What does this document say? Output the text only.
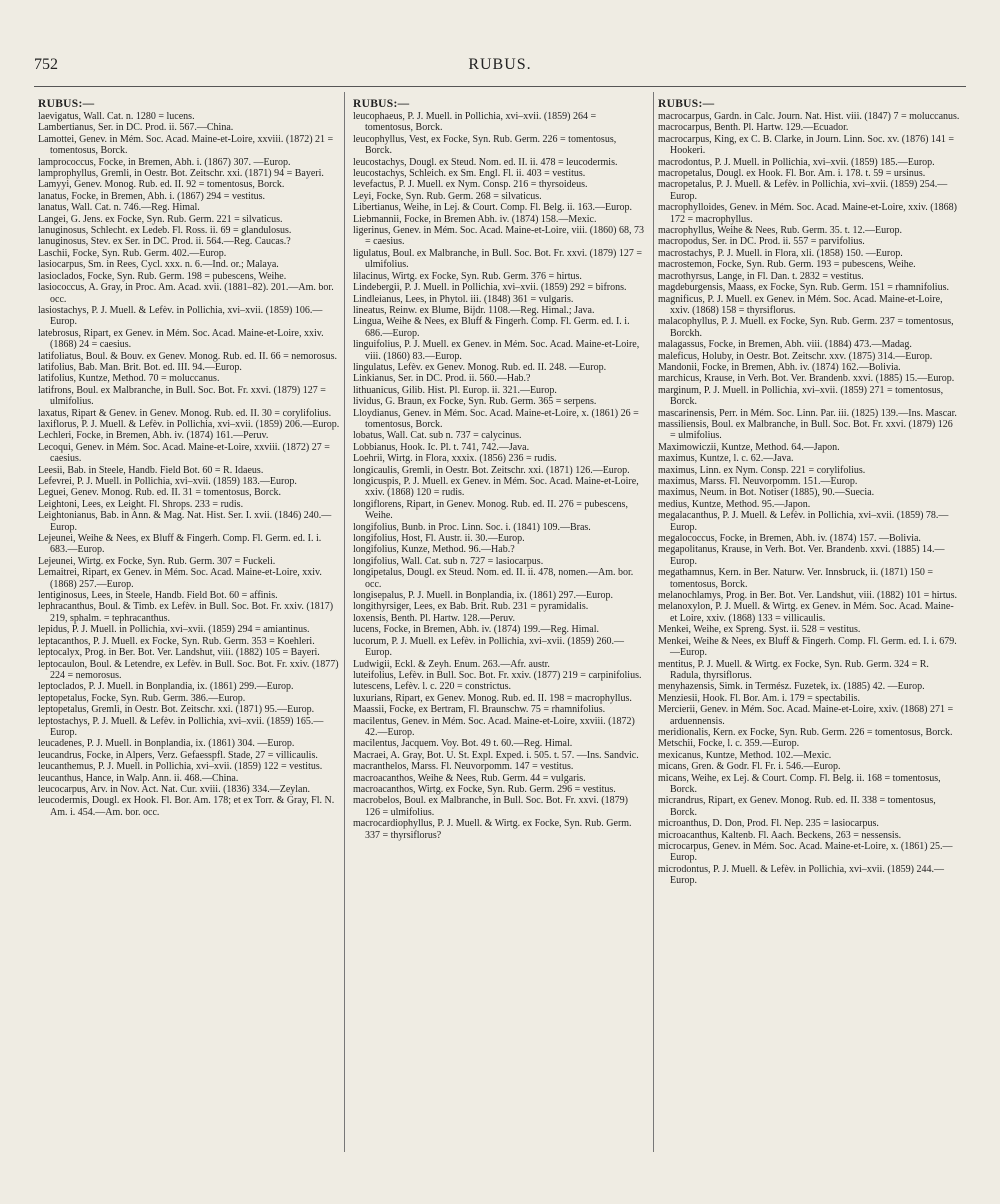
752	RUBUS.
RUBUS:—
laevigatus, Wall. Cat. n. 1280 = lucens.
Lambertianus, Ser. in DC. Prod. ii. 567.—China.
Lamottei, Genev. in Mém. Soc. Acad. Maine-et-Loire, xxviii. (1872) 21 = tomentosus, Borck.
lamprococcus, Focke, in Bremen, Abh. i. (1867) 307. —Europ.
lamprophyllus, Gremli, in Oestr. Bot. Zeitschr. xxi. (1871) 94 = Bayeri.
Lamyyi, Genev. Monog. Rub. ed. II. 92 = tomentosus, Borck.
lanatus, Focke, in Bremen, Abh. i. (1867) 294 = vestitus.
lanatus, Wall. Cat. n. 746.—Reg. Himal.
Langei, G. Jens. ex Focke, Syn. Rub. Germ. 221 = silvaticus.
lanuginosus, Schlecht. ex Ledeb. Fl. Ross. ii. 69 = glandulosus.
lanuginosus, Stev. ex Ser. in DC. Prod. ii. 564.—Reg. Caucas.?
Laschii, Focke, Syn. Rub. Germ. 402.—Europ.
lasiocarpus, Sm. in Rees, Cycl. xxx. n. 6.—Ind. or.; Malaya.
lasioclados, Focke, Syn. Rub. Germ. 198 = pubescens, Weihe.
lasiococcus, A. Gray, in Proc. Am. Acad. xvii. (1881–82). 201.—Am. bor. occ.
lasiostachys, P. J. Muell. & Lefèv. in Pollichia, xvi–xvii. (1859) 106.—Europ.
latebrosus, Ripart, ex Genev. in Mém. Soc. Acad. Maine-et-Loire, xxiv. (1868) 24 = caesius.
latifoliatus, Boul. & Bouv. ex Genev. Monog. Rub. ed. II. 66 = nemorosus.
latifolius, Bab. Man. Brit. Bot. ed. III. 94.—Europ.
latifolius, Kuntze, Method. 70 = moluccanus.
latifrons, Boul. ex Malbranche, in Bull. Soc. Bot. Fr. xxvi. (1879) 127 = ulmifolius.
laxatus, Ripart & Genev. in Genev. Monog. Rub. ed. II. 30 = corylifolius.
laxiflorus, P. J. Muell. & Lefèv. in Pollichia, xvi–xvii. (1859) 206.—Europ.
Lechleri, Focke, in Bremen, Abh. iv. (1874) 161.—Peruv.
Lecoqui, Genev. in Mém. Soc. Acad. Maine-et-Loire, xxviii. (1872) 27 = caesius.
Leesii, Bab. in Steele, Handb. Field Bot. 60 = R. Idaeus.
Lefevrei, P. J. Muell. in Pollichia, xvi–xvii. (1859) 183.—Europ.
Leguei, Genev. Monog. Rub. ed. II. 31 = tomentosus, Borck.
Leightoni, Lees, ex Leight. Fl. Shrops. 233 = rudis.
Leightonianus, Bab. in Ann. & Mag. Nat. Hist. Ser. I. xvii. (1846) 240.—Europ.
Lejeunei, Weihe & Nees, ex Bluff & Fingerh. Comp. Fl. Germ. ed. I. i. 683.—Europ.
Lejeunei, Wirtg. ex Focke, Syn. Rub. Germ. 307 = Fuckeli.
Lemaitrei, Ripart, ex Genev. in Mém. Soc. Acad. Maine-et-Loire, xxiv. (1868) 257.—Europ.
lentiginosus, Lees, in Steele, Handb. Field Bot. 60 = affinis.
lephracanthus, Boul. & Timb. ex Lefèv. in Bull. Soc. Bot. Fr. xxiv. (1817) 219, sphalm. = tephracanthus.
lepidus, P. J. Muell. in Pollichia, xvi–xvii. (1859) 294 = amiantinus.
leptacanthos, P. J. Muell. ex Focke, Syn. Rub. Germ. 353 = Koehleri.
leptocalyx, Prog. in Ber. Bot. Ver. Landshut, viii. (1882) 105 = Bayeri.
leptocaulon, Boul. & Letendre, ex Lefèv. in Bull. Soc. Bot. Fr. xxiv. (1877) 224 = nemorosus.
leptoclados, P. J. Muell. in Bonplandia, ix. (1861) 299.—Europ.
leptopetalus, Focke, Syn. Rub. Germ. 386.—Europ.
leptopetalus, Gremli, in Oestr. Bot. Zeitschr. xxi. (1871) 95.—Europ.
leptostachys, P. J. Muell. & Lefèv. in Pollichia, xvi–xvii. (1859) 165.—Europ.
leucadenes, P. J. Muell. in Bonplandia, ix. (1861) 304. —Europ.
leucandrus, Focke, in Alpers, Verz. Gefaesspfl. Stade, 27 = villicaulis.
leucanthemus, P. J. Muell. in Pollichia, xvi–xvii. (1859) 122 = vestitus.
leucanthus, Hance, in Walp. Ann. ii. 468.—China.
leucocarpus, Arv. in Nov. Act. Nat. Cur. xviii. (1836) 334.—Zeylan.
leucodermis, Dougl. ex Hook. Fl. Bor. Am. 178; et ex Torr. & Gray, Fl. N. Am. i. 454.—Am. bor. occ.
RUBUS:—
leucophaeus, P. J. Muell. in Pollichia, xvi–xvii. (1859) 264 = tomentosus, Borck.
leucophyllus, Vest, ex Focke, Syn. Rub. Germ. 226 = tomentosus, Borck.
leucostachys, Dougl. ex Steud. Nom. ed. II. ii. 478 = leucodermis.
leucostachys, Schleich. ex Sm. Engl. Fl. ii. 403 = vestitus.
levefactus, P. J. Muell. ex Nym. Consp. 216 = thyrsoideus.
Leyi, Focke, Syn. Rub. Germ. 268 = silvaticus.
Libertianus, Weihe, in Lej. & Court. Comp. Fl. Belg. ii. 163.—Europ.
Liebmannii, Focke, in Bremen Abh. iv. (1874) 158.—Mexic.
ligerinus, Genev. in Mém. Soc. Acad. Maine-et-Loire, viii. (1860) 68, 73 = caesius.
ligulatus, Boul. ex Malbranche, in Bull. Soc. Bot. Fr. xxvi. (1879) 127 = ulmifolius.
lilacinus, Wirtg. ex Focke, Syn. Rub. Germ. 376 = hirtus.
Lindebergii, P. J. Muell. in Pollichia, xvi–xvii. (1859) 292 = bifrons.
Lindleianus, Lees, in Phytol. iii. (1848) 361 = vulgaris.
lineatus, Reinw. ex Blume, Bijdr. 1108.—Reg. Himal.; Java.
Lingua, Weihe & Nees, ex Bluff & Fingerh. Comp. Fl. Germ. ed. I. i. 686.—Europ.
linguifolius, P. J. Muell. ex Genev. in Mém. Soc. Acad. Maine-et-Loire, viii. (1860) 83.—Europ.
lingulatus, Lefèv. ex Genev. Monog. Rub. ed. II. 248. —Europ.
Linkianus, Ser. in DC. Prod. ii. 560.—Hab.?
lithuanicus, Gilib. Hist. Pl. Europ. ii. 321.—Europ.
lividus, G. Braun, ex Focke, Syn. Rub. Germ. 365 = serpens.
Lloydianus, Genev. in Mém. Soc. Acad. Maine-et-Loire, x. (1861) 26 = tomentosus, Borck.
lobatus, Wall. Cat. sub n. 737 = calycinus.
Lobbianus, Hook. Ic. Pl. t. 741, 742.—Java.
Loehrii, Wirtg. in Flora, xxxix. (1856) 236 = rudis.
longicaulis, Gremli, in Oestr. Bot. Zeitschr. xxi. (1871) 126.—Europ.
longicuspis, P. J. Muell. ex Genev. in Mém. Soc. Acad. Maine-et-Loire, xxiv. (1868) 120 = rudis.
longiflorens, Ripart, in Genev. Monog. Rub. ed. II. 276 = pubescens, Weihe.
longifolius, Bunb. in Proc. Linn. Soc. i. (1841) 109.—Bras.
longifolius, Host, Fl. Austr. ii. 30.—Europ.
longifolius, Kunze, Method. 96.—Hab.?
longifolius, Wall. Cat. sub n. 727 = lasiocarpus.
longipetalus, Dougl. ex Steud. Nom. ed. II. ii. 478, nomen.—Am. bor. occ.
longisepalus, P. J. Muell. in Bonplandia, ix. (1861) 297.—Europ.
longithyrsiger, Lees, ex Bab. Brit. Rub. 231 = pyramidalis.
loxensis, Benth. Pl. Hartw. 128.—Peruv.
lucens, Focke, in Bremen, Abh. iv. (1874) 199.—Reg. Himal.
lucorum, P. J. Muell. ex Lefèv. in Pollichia, xvi–xvii. (1859) 260.—Europ.
Ludwigii, Eckl. & Zeyh. Enum. 263.—Afr. austr.
luteifolius, Lefèv. in Bull. Soc. Bot. Fr. xxiv. (1877) 219 = carpinifolius.
lutescens, Lefèv. l. c. 220 = constrictus.
luxurians, Ripart, ex Genev. Monog. Rub. ed. II. 198 = macrophyllus.
Maassii, Focke, ex Bertram, Fl. Braunschw. 75 = rhamnifolius.
macilentus, Genev. in Mém. Soc. Acad. Maine-et-Loire, xxviii. (1872) 42.—Europ.
macilentus, Jacquem. Voy. Bot. 49 t. 60.—Reg. Himal.
Macraei, A. Gray, Bot. U. St. Expl. Exped. i. 505. t. 57. —Ins. Sandvic.
macranthelos, Marss. Fl. Neuvorpomm. 147 = vestitus.
macroacanthos, Weihe & Nees, Rub. Germ. 44 = vulgaris.
macroacanthos, Wirtg. ex Focke, Syn. Rub. Germ. 296 = vestitus.
macrobelos, Boul. ex Malbranche, in Bull. Soc. Bot. Fr. xxvi. (1879) 126 = ulmifolius.
macrocardiophyllus, P. J. Muell. & Wirtg. ex Focke, Syn. Rub. Germ. 337 = thyrsiflorus?
RUBUS:—
macrocarpus, Gardn. in Calc. Journ. Nat. Hist. viii. (1847) 7 = moluccanus.
macrocarpus, Benth. Pl. Hartw. 129.—Ecuador.
macrocarpus, King, ex C. B. Clarke, in Journ. Linn. Soc. xv. (1876) 141 = Hookeri.
macrodontus, P. J. Muell. in Pollichia, xvi–xvii. (1859) 185.—Europ.
macropetalus, Dougl. ex Hook. Fl. Bor. Am. i. 178. t. 59 = ursinus.
macropetalus, P. J. Muell. & Lefèv. in Pollichia, xvi–xvii. (1859) 254.—Europ.
macrophylloides, Genev. in Mém. Soc. Acad. Maine-et-Loire, xxiv. (1868) 172 = macrophyllus.
macrophyllus, Weihe & Nees, Rub. Germ. 35. t. 12.—Europ.
macropodus, Ser. in DC. Prod. ii. 557 = parvifolius.
macrostachys, P. J. Muell. in Flora, xli. (1858) 150. —Europ.
macrostemon, Focke, Syn. Rub. Germ. 193 = pubescens, Weihe.
macrothyrsus, Lange, in Fl. Dan. t. 2832 = vestitus.
magdeburgensis, Maass, ex Focke, Syn. Rub. Germ. 151 = rhamnifolius.
magnificus, P. J. Muell. ex Genev. in Mém. Soc. Acad. Maine-et-Loire, xxiv. (1868) 158 = thyrsiflorus.
malacophyllus, P. J. Muell. ex Focke, Syn. Rub. Germ. 237 = tomentosus, Borckh.
malagassus, Focke, in Bremen, Abh. viii. (1884) 473.—Madag.
maleficus, Holuby, in Oestr. Bot. Zeitschr. xxv. (1875) 314.—Europ.
Mandonii, Focke, in Bremen, Abh. iv. (1874) 162.—Bolivia.
marchicus, Krause, in Verh. Bot. Ver. Brandenb. xxvi. (1885) 15.—Europ.
marginum, P. J. Muell. in Pollichia, xvi–xvii. (1859) 271 = tomentosus, Borck.
mascarinensis, Perr. in Mém. Soc. Linn. Par. iii. (1825) 139.—Ins. Mascar.
massiliensis, Boul. ex Malbranche, in Bull. Soc. Bot. Fr. xxvi. (1879) 126 = ulmifolius.
Maximowiczii, Kuntze, Method. 64.—Japon.
maximus, Kuntze, l. c. 62.—Java.
maximus, Linn. ex Nym. Consp. 221 = corylifolius.
maximus, Marss. Fl. Neuvorpomm. 151.—Europ.
maximus, Neum. in Bot. Notiser (1885), 90.—Suecia.
medius, Kuntze, Method. 95.—Japon.
megalacanthus, P. J. Muell. & Lefèv. in Pollichia, xvi–xvii. (1859) 78.—Europ.
megalococcus, Focke, in Bremen, Abh. iv. (1874) 157. —Bolivia.
megapolitanus, Krause, in Verh. Bot. Ver. Brandenb. xxvi. (1885) 14.—Europ.
megathamnus, Kern. in Ber. Naturw. Ver. Innsbruck, ii. (1871) 150 = tomentosus, Borck.
melanochlamys, Prog. in Ber. Bot. Ver. Landshut, viii. (1882) 101 = hirtus.
melanoxylon, P. J. Muell. & Wirtg. ex Genev. in Mém. Soc. Acad. Maine-et Loire, xxiv. (1868) 133 = villicaulis.
Menkei, Weihe, ex Spreng. Syst. ii. 528 = vestitus.
Menkei, Weihe & Nees, ex Bluff & Fingerh. Comp. Fl. Germ. ed. I. i. 679.—Europ.
mentitus, P. J. Muell. & Wirtg. ex Focke, Syn. Rub. Germ. 324 = R. Radula, thyrsiflorus.
menyhazensis, Simk. in Termész. Fuzetek, ix. (1885) 42. —Europ.
Menziesii, Hook. Fl. Bor. Am. i. 179 = spectabilis.
Mercierii, Genev. in Mém. Soc. Acad. Maine-et-Loire, xxiv. (1868) 271 = arduennensis.
meridionalis, Kern. ex Focke, Syn. Rub. Germ. 226 = tomentosus, Borck.
Metschii, Focke, l. c. 359.—Europ.
mexicanus, Kuntze, Method. 102.—Mexic.
micans, Gren. & Godr. Fl. Fr. i. 546.—Europ.
micans, Weihe, ex Lej. & Court. Comp. Fl. Belg. ii. 168 = tomentosus, Borck.
micrandrus, Ripart, ex Genev. Monog. Rub. ed. II. 338 = tomentosus, Borck.
microanthus, D. Don, Prod. Fl. Nep. 235 = lasiocarpus.
microacanthus, Kaltenb. Fl. Aach. Beckens, 263 = nessensis.
microcarpus, Genev. in Mém. Soc. Acad. Maine-et-Loire, x. (1861) 25.—Europ.
microdontus, P. J. Muell. & Lefèv. in Pollichia, xvi–xvii. (1859) 244.—Europ.
